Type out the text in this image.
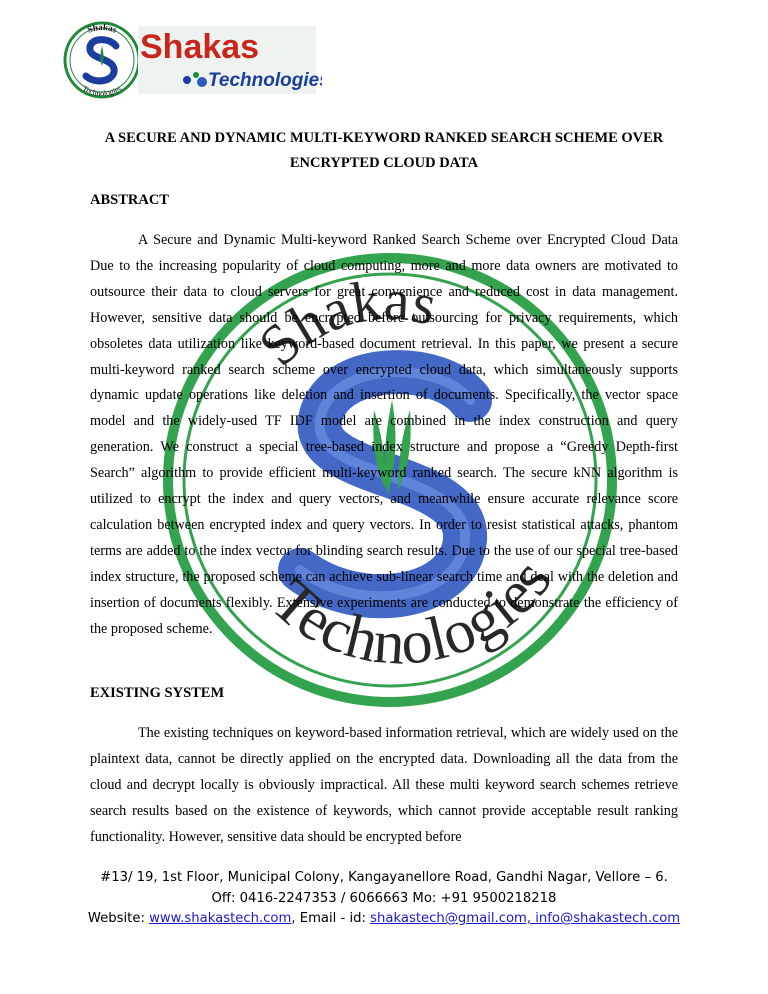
Shakas
Technologies
Shakas
Technologies
Shakas
Technologies
A SECURE AND DYNAMIC MULTI-KEYWORD RANKED SEARCH SCHEME OVER
ENCRYPTED CLOUD DATA
ABSTRACT
A Secure and Dynamic Multi-keyword Ranked Search Scheme over Encrypted Cloud Data Due to the increasing popularity of cloud computing, more and more data owners are motivated to outsource their data to cloud servers for great convenience and reduced cost in data management. However, sensitive data should be encrypted before outsourcing for privacy requirements, which obsoletes data utilization like keyword-based document retrieval. In this paper, we present a secure multi-keyword ranked search scheme over encrypted cloud data, which simultaneously supports dynamic update operations like deletion and insertion of documents. Specifically, the vector space model and the widely-used TF IDF model are combined in the index construction and query generation. We construct a special tree-based index structure and propose a “Greedy Depth-first Search” algorithm to provide efficient multi-keyword ranked search. The secure kNN algorithm is utilized to encrypt the index and query vectors, and meanwhile ensure accurate relevance score calculation between encrypted index and query vectors. In order to resist statistical attacks, phantom terms are added to the index vector for blinding search results. Due to the use of our special tree-based index structure, the proposed scheme can achieve sub-linear search time and deal with the deletion and insertion of documents flexibly. Extensive experiments are conducted to demonstrate the efficiency of the proposed scheme.
EXISTING SYSTEM
The existing techniques on keyword-based information retrieval, which are widely used on the plaintext data, cannot be directly applied on the encrypted data. Downloading all the data from the cloud and decrypt locally is obviously impractical. All these multi keyword search schemes retrieve search results based on the existence of keywords, which cannot provide acceptable result ranking functionality. However, sensitive data should be encrypted before
#13/ 19, 1st Floor, Municipal Colony, Kangayanellore Road, Gandhi Nagar, Vellore – 6.
Off: 0416-2247353 / 6066663 Mo: +91 9500218218
Website: www.shakastech.com, Email - id: shakastech@gmail.com, info@shakastech.com
